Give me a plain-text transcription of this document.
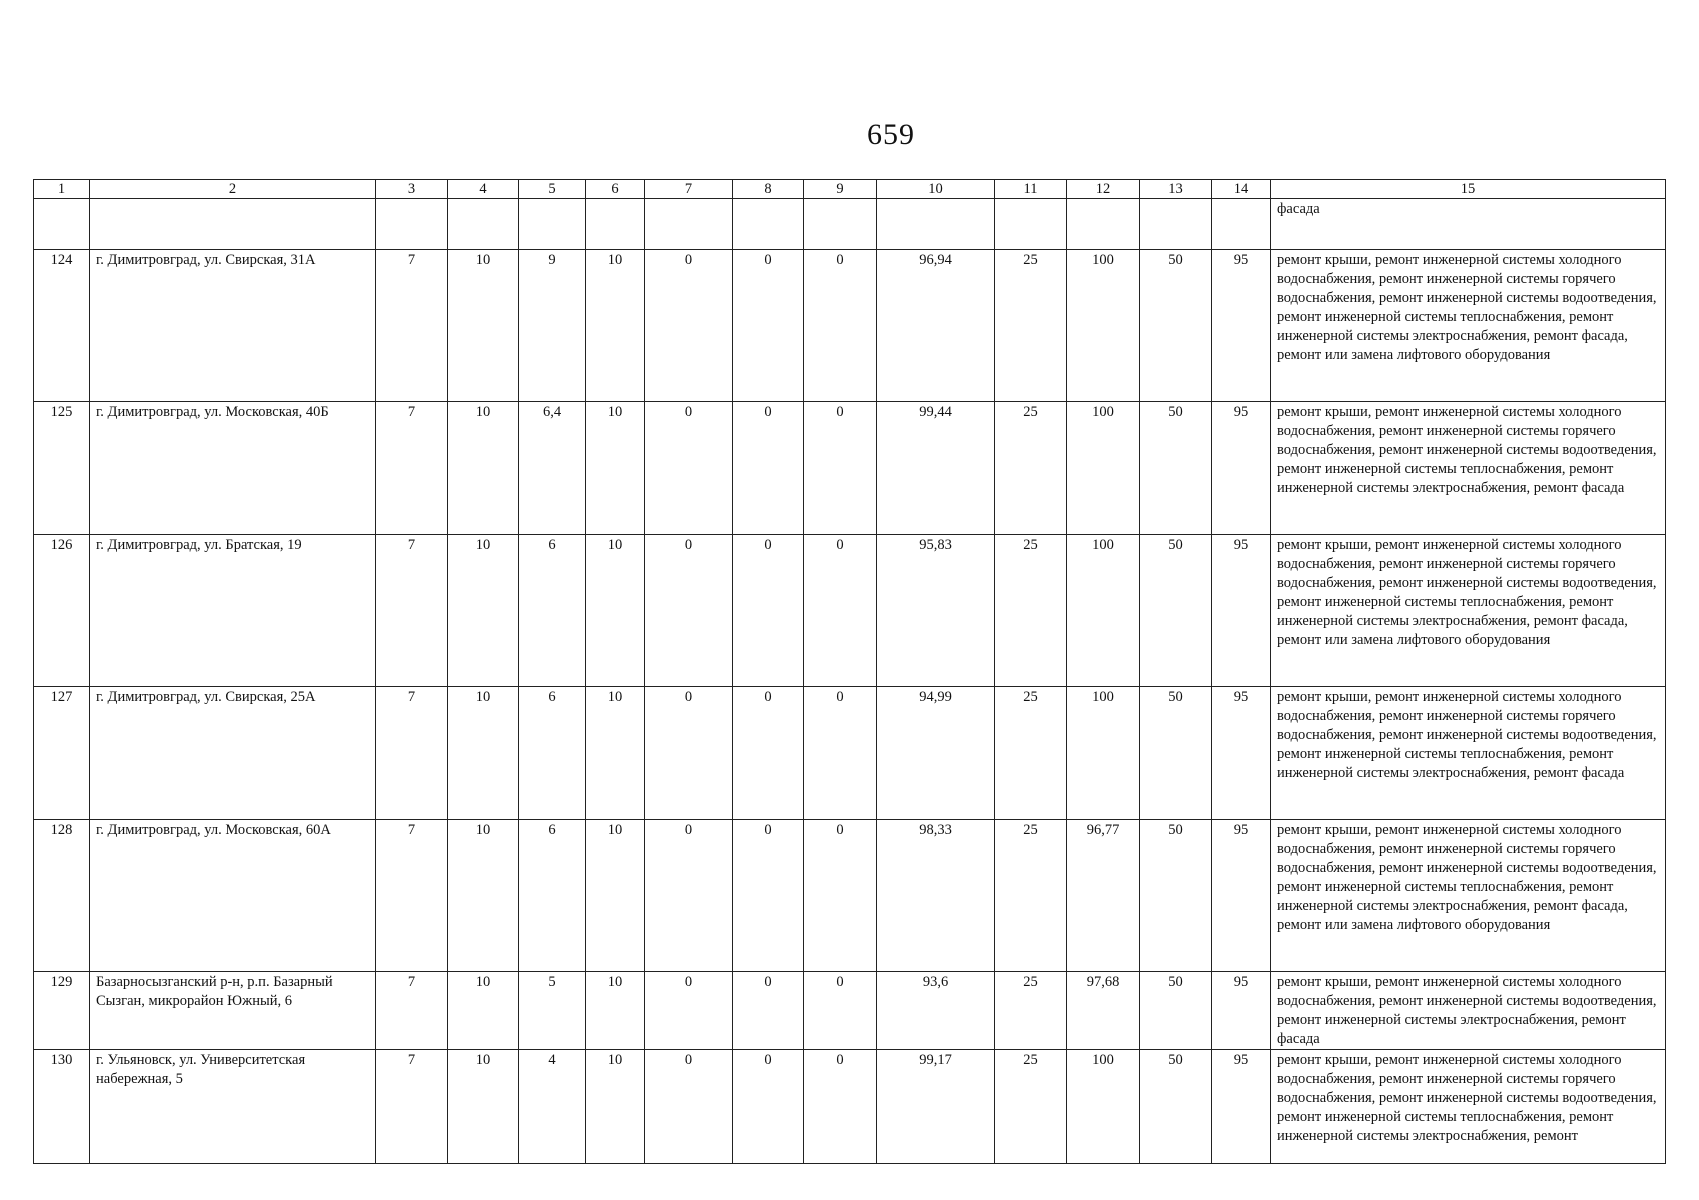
659
1	2	3	4	5	6	7	8	9	10	11	12	13	14	15
														фасада
124	г. Димитровград, ул. Свирская, 31А	7	10	9	10	0	0	0	96,94	25	100	50	95	ремонт крыши, ремонт инженерной системы холодного водоснабжения, ремонт инженерной системы горячего водоснабжения, ремонт инженерной системы водоотведения, ремонт инженерной системы теплоснабжения, ремонт инженерной системы электроснабжения, ремонт фасада, ремонт или замена лифтового оборудования
125	г. Димитровград, ул. Московская, 40Б	7	10	6,4	10	0	0	0	99,44	25	100	50	95	ремонт крыши, ремонт инженерной системы холодного водоснабжения, ремонт инженерной системы горячего водоснабжения, ремонт инженерной системы водоотведения, ремонт инженерной системы теплоснабжения, ремонт инженерной системы электроснабжения, ремонт фасада
126	г. Димитровград, ул. Братская, 19	7	10	6	10	0	0	0	95,83	25	100	50	95	ремонт крыши, ремонт инженерной системы холодного водоснабжения, ремонт инженерной системы горячего водоснабжения, ремонт инженерной системы водоотведения, ремонт инженерной системы теплоснабжения, ремонт инженерной системы электроснабжения, ремонт фасада, ремонт или замена лифтового оборудования
127	г. Димитровград, ул. Свирская, 25А	7	10	6	10	0	0	0	94,99	25	100	50	95	ремонт крыши, ремонт инженерной системы холодного водоснабжения, ремонт инженерной системы горячего водоснабжения, ремонт инженерной системы водоотведения, ремонт инженерной системы теплоснабжения, ремонт инженерной системы электроснабжения, ремонт фасада
128	г. Димитровград, ул. Московская, 60А	7	10	6	10	0	0	0	98,33	25	96,77	50	95	ремонт крыши, ремонт инженерной системы холодного водоснабжения, ремонт инженерной системы горячего водоснабжения, ремонт инженерной системы водоотведения, ремонт инженерной системы теплоснабжения, ремонт инженерной системы электроснабжения, ремонт фасада, ремонт или замена лифтового оборудования
129	Базарносызганский р-н, р.п. Базарный Сызган, микрорайон Южный, 6	7	10	5	10	0	0	0	93,6	25	97,68	50	95	ремонт крыши, ремонт инженерной системы холодного водоснабжения, ремонт инженерной системы водоотведения, ремонт инженерной системы электроснабжения, ремонт фасада
130	г. Ульяновск, ул. Университетская набережная, 5	7	10	4	10	0	0	0	99,17	25	100	50	95	ремонт крыши, ремонт инженерной системы холодного водоснабжения, ремонт инженерной системы горячего водоснабжения, ремонт инженерной системы водоотведения, ремонт инженерной системы теплоснабжения, ремонт инженерной системы электроснабжения, ремонт
